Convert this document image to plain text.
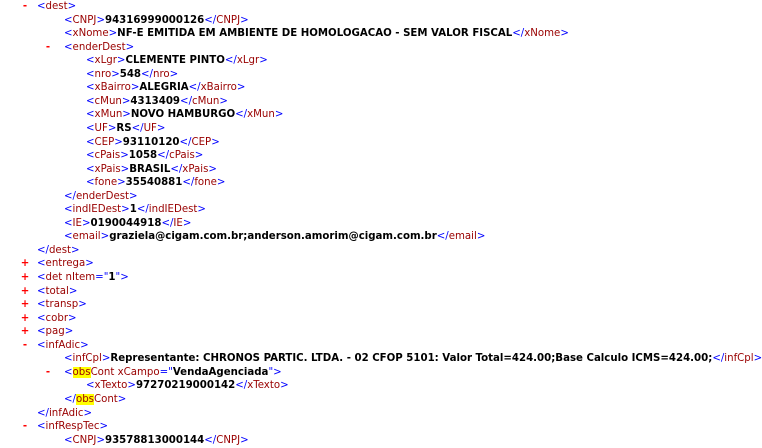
- <dest>
<CNPJ>94316999000126</CNPJ>
<xNome>NF-E EMITIDA EM AMBIENTE DE HOMOLOGACAO - SEM VALOR FISCAL</xNome>
- <enderDest>
<xLgr>CLEMENTE PINTO</xLgr>
<nro>548</nro>
<xBairro>ALEGRIA</xBairro>
<cMun>4313409</cMun>
<xMun>NOVO HAMBURGO</xMun>
<UF>RS</UF>
<CEP>93110120</CEP>
<cPais>1058</cPais>
<xPais>BRASIL</xPais>
<fone>35540881</fone>
</enderDest>
<indIEDest>1</indIEDest>
<IE>0190044918</IE>
<email>graziela@cigam.com.br;anderson.amorim@cigam.com.br</email>
</dest>
+ <entrega>
+ <det nItem="1">
+ <total>
+ <transp>
+ <cobr>
+ <pag>
- <infAdic>
<infCpl>Representante: CHRONOS PARTIC. LTDA. - 02 CFOP 5101: Valor Total=424.00;Base Calculo ICMS=424.00;</infCpl>
- <obsCont xCampo="VendaAgenciada">
<xTexto>97270219000142</xTexto>
</obsCont>
</infAdic>
- <infRespTec>
<CNPJ>93578813000144</CNPJ>
